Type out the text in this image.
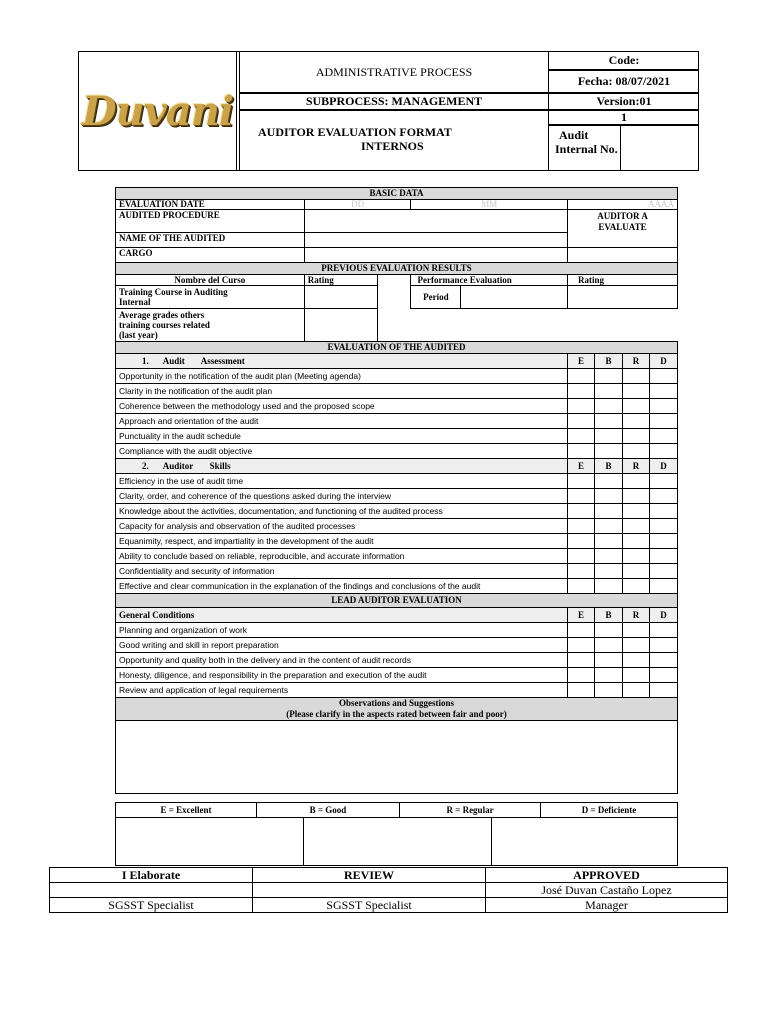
Duvani
ADMINISTRATIVE PROCESS
SUBPROCESS: MANAGEMENT
AUDITOR EVALUATION FORMAT
INTERNOS
Code:
Fecha: 08/07/2021
Version:01
1
Audit
Internal No.
BASIC DATA								
EVALUATION DATE	DD		MM		AAAA			
AUDITED PROCEDURE					AUDITOR A
EVALUATE			

NAME OF THE AUDITED								
CARGO								
PREVIOUS EVALUATION RESULTS								
Nombre del Curso	Rating		Performance Evaluation		Rating			

Training Course in Auditing
Internal			Period					

Average grades others
training courses related
(last year)								

EVALUATION OF THE AUDITED								
1. Audit Assessment					E	B	R	D
Opportunity in the notification of the audit plan (Meeting agenda)								
Clarity in the notification of the audit plan								
Coherence between the methodology used and the proposed scope								
Approach and orientation of the audit								
Punctuality in the audit schedule								
Compliance with the audit objective								
2. Auditor Skills					E	B	R	D
Efficiency in the use of audit time								
Clarity, order, and coherence of the questions asked during the interview								
Knowledge about the activities, documentation, and functioning of the audited process								
Capacity for analysis and observation of the audited processes								
Equanimity, respect, and impartiality in the development of the audit								
Ability to conclude based on reliable, reproducible, and accurate information								
Confidentiality and security of information								
Effective and clear communication in the explanation of the findings and conclusions of the audit								
LEAD AUDITOR EVALUATION								
General Conditions					E	B	R	D
Planning and organization of work								
Good writing and skill in report preparation								
Opportunity and quality both in the delivery and in the content of audit records								
Honesty, diligence, and responsibility in the preparation and execution of the audit								
Review and application of legal requirements								

Observations and Suggestions
(Please clarify in the aspects rated between fair and poor)								

E = Excellent	B = Good	R = Regular	D = Deficiente
I Elaborate	REVIEW	APPROVED
		José Duvan Castaño Lopez
SGSST Specialist	SGSST Specialist	Manager
